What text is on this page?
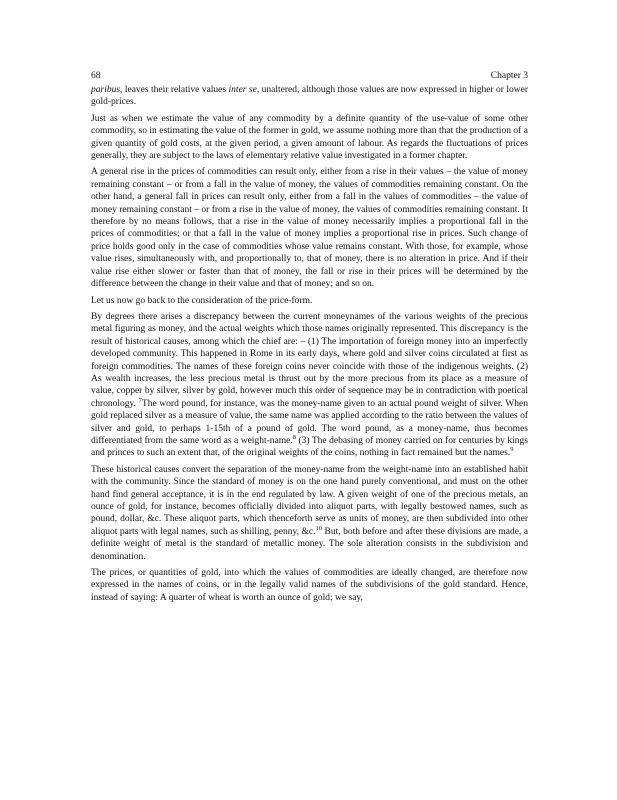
68	Chapter 3

paribus, leaves their relative values inter se, unaltered, although those values are now expressed in higher or lower gold-prices.

Just as when we estimate the value of any commodity by a definite quantity of the use-value of some other commodity, so in estimating the value of the former in gold, we assume nothing more than that the production of a given quantity of gold costs, at the given period, a given amount of labour. As regards the fluctuations of prices generally, they are subject to the laws of elementary relative value investigated in a former chapter.

A general rise in the prices of commodities can result only, either from a rise in their values – the value of money remaining constant – or from a fall in the value of money, the values of commodities remaining constant. On the other hand, a general fall in prices can result only, either from a fall in the values of commodities – the value of money remaining constant – or from a rise in the value of money, the values of commodities remaining constant. It therefore by no means follows, that a rise in the value of money necessarily implies a proportional fall in the prices of commodities; or that a fall in the value of money implies a proportional rise in prices. Such change of price holds good only in the case of commodities whose value remains constant. With those, for example, whose value rises, simultaneously with, and proportionally to, that of money, there is no alteration in price. And if their value rise either slower or faster than that of money, the fall or rise in their prices will be determined by the difference between the change in their value and that of money; and so on.

Let us now go back to the consideration of the price-form.

By degrees there arises a discrepancy between the current moneynames of the various weights of the precious metal figuring as money, and the actual weights which those names originally represented. This discrepancy is the result of historical causes, among which the chief are: – (1) The importation of foreign money into an imperfectly developed community. This happened in Rome in its early days, where gold and silver coins circulated at first as foreign commodities. The names of these foreign coins never coincide with those of the indigenous weights. (2) As wealth increases, the less precious metal is thrust out by the more precious from its place as a measure of value, copper by silver, silver by gold, however much this order of sequence may be in contradiction with poetical chronology. $^7$The word pound, for instance, was the money-name given to an actual pound weight of silver. When gold replaced silver as a measure of value, the same name was applied according to the ratio between the values of silver and gold, to perhaps 1-15th of a pound of gold. The word pound, as a money-name, thus becomes differentiated from the same word as a weight-name.$^8$ (3) The debasing of money carried on for centuries by kings and princes to such an extent that, of the original weights of the coins, nothing in fact remained but the names.$^9$

These historical causes convert the separation of the money-name from the weight-name into an established habit with the community. Since the standard of money is on the one hand purely conventional, and must on the other hand find general acceptance, it is in the end regulated by law. A given weight of one of the precious metals, an ounce of gold, for instance, becomes officially divided into aliquot parts, with legally bestowed names, such as pound, dollar, &c. These aliquot parts, which thenceforth serve as units of money, are then subdivided into other aliquot parts with legal names, such as shilling, penny, &c.$^{10}$ But, both before and after these divisions are made, a definite weight of metal is the standard of metallic money. The sole alteration consists in the subdivision and denomination.

The prices, or quantities of gold, into which the values of commodities are ideally changed, are therefore now expressed in the names of coins, or in the legally valid names of the subdivisions of the gold standard. Hence, instead of saying: A quarter of wheat is worth an ounce of gold; we say,
